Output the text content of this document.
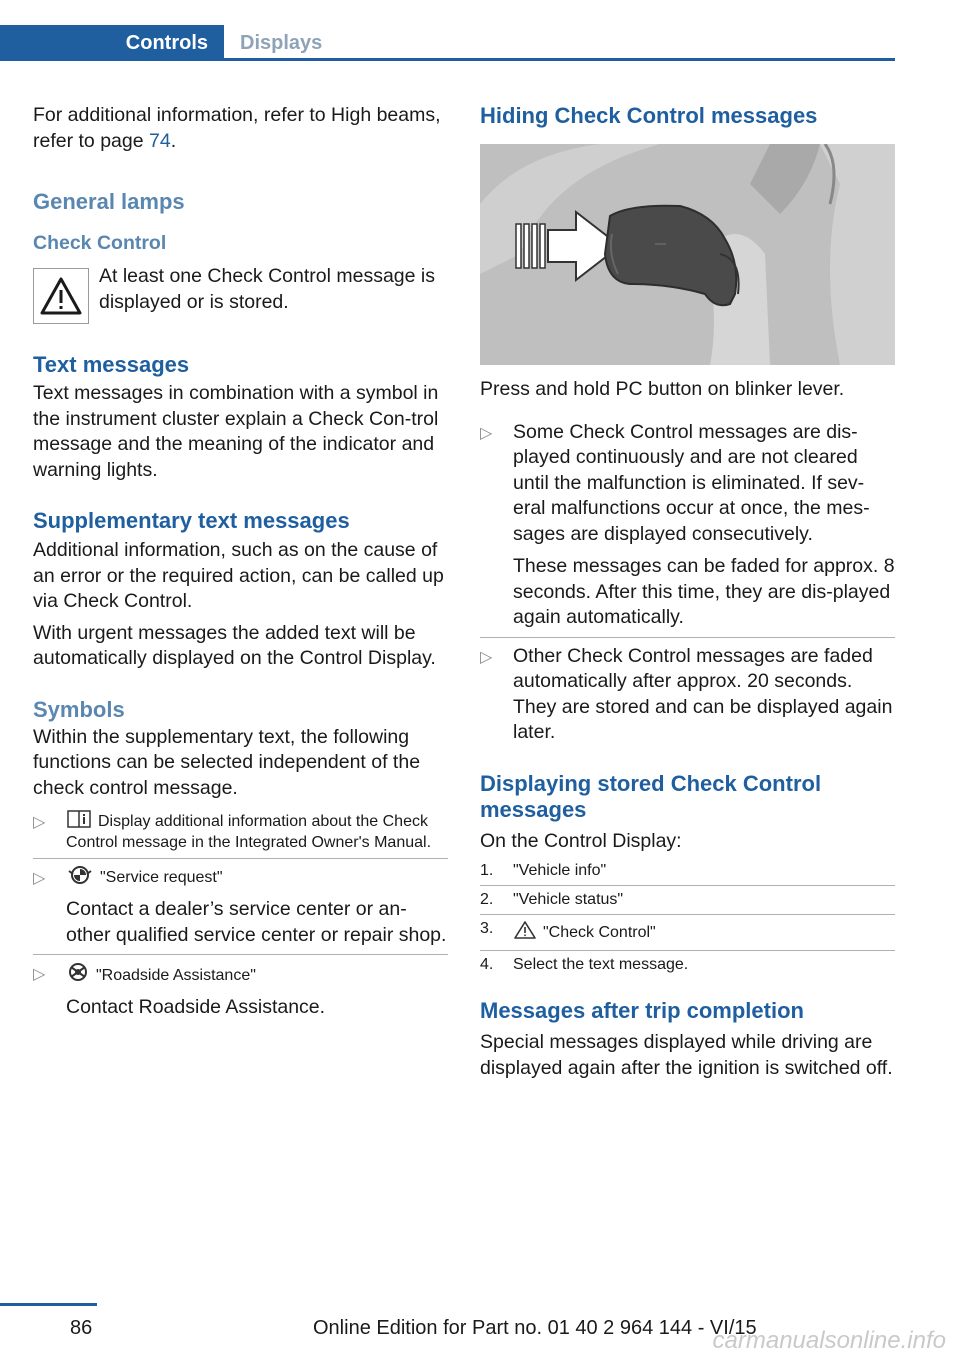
Controls	Displays

For additional information, refer to High beams, refer to page 74.

General lamps
Check Control

At least one Check Control message is displayed or is stored.

Text messages

Text messages in combination with a symbol in the instrument cluster explain a Check Con-trol message and the meaning of the indicator and warning lights.

Supplementary text messages

Additional information, such as on the cause of an error or the required action, can be called up via Check Control.

With urgent messages the added text will be automatically displayed on the Control Display.

Symbols

Within the supplementary text, the following functions can be selected independent of the check control message.

▷	Display additional information about the Check Control message in the Integrated Owner's Manual.
▷	"Service request"

Contact a dealer’s service center or an-other qualified service center or repair shop.

▷	"Roadside Assistance"

Contact Roadside Assistance.

Hiding Check Control messages

Press and hold PC button on blinker lever.

▷ Some Check Control messages are dis-played continuously and are not cleared until the malfunction is eliminated. If sev-eral malfunctions occur at once, the mes-sages are displayed consecutively.

These messages can be faded for approx. 8 seconds. After this time, they are dis-played again automatically.

▷ Other Check Control messages are faded automatically after approx. 20 seconds. They are stored and can be displayed again later.

Displaying stored Check Control messages

On the Control Display:

1. "Vehicle info"
2. "Vehicle status"
3.	"Check Control"
4. Select the text message.
Messages after trip completion

Special messages displayed while driving are displayed again after the ignition is switched off.

86	Online Edition for Part no. 01 40 2 964 144 - VI/15
carmanualsonline.info
